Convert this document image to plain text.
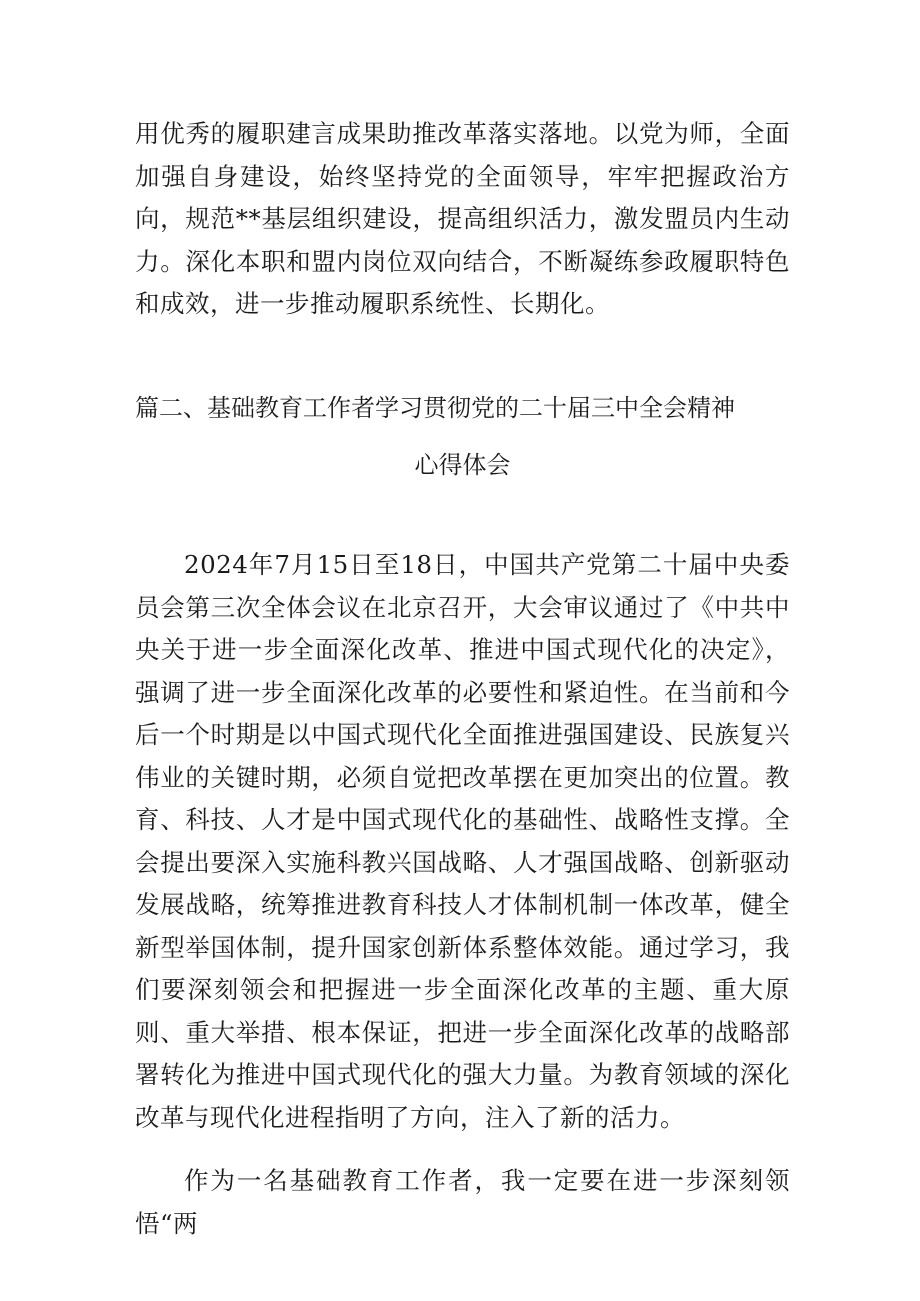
用优秀的履职建言成果助推改革落实落地。以党为师，全面加强自身建设，始终坚持党的全面领导，牢牢把握政治方向，规范**基层组织建设，提高组织活力，激发盟员内生动力。深化本职和盟内岗位双向结合，不断凝练参政履职特色和成效，进一步推动履职系统性、长期化。

篇二、基础教育工作者学习贯彻党的二十届三中全会精神
心得体会

2024年7月15日至18日，中国共产党第二十届中央委员会第三次全体会议在北京召开，大会审议通过了《中共中央关于进一步全面深化改革、推进中国式现代化的决定》，强调了进一步全面深化改革的必要性和紧迫性。在当前和今后一个时期是以中国式现代化全面推进强国建设、民族复兴伟业的关键时期，必须自觉把改革摆在更加突出的位置。教育、科技、人才是中国式现代化的基础性、战略性支撑。全会提出要深入实施科教兴国战略、人才强国战略、创新驱动发展战略，统筹推进教育科技人才体制机制一体改革，健全新型举国体制，提升国家创新体系整体效能。通过学习，我们要深刻领会和把握进一步全面深化改革的主题、重大原则、重大举措、根本保证，把进一步全面深化改革的战略部署转化为推进中国式现代化的强大力量。为教育领域的深化改革与现代化进程指明了方向，注入了新的活力。

作为一名基础教育工作者，我一定要在进一步深刻领悟“两
